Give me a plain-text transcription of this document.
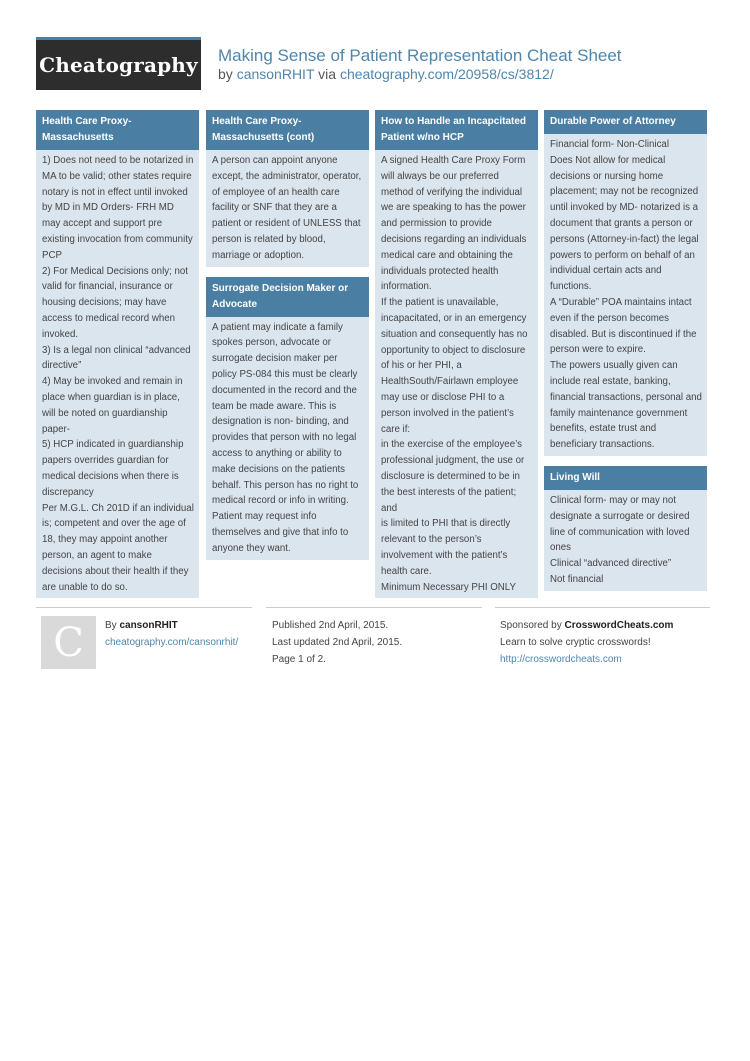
Cheatography Making Sense of Patient Representation Cheat Sheet
by cansonRHIT via cheatography.com/20958/cs/3812/
Health Care Proxy- Massachusetts
1) Does not need to be notarized in MA to be valid; other states require notary is not in effect until invoked by MD in MD Orders- FRH MD may accept and support pre existing invocation from community PCP
2) For Medical Decisions only; not valid for financial, insurance or housing decisions; may have access to medical record when invoked.
3) Is a legal non clinical “advanced directive”
4) May be invoked and remain in place when guardian is in place, will be noted on guardianship paper-
5) HCP indicated in guardianship papers overrides guardian for medical decisions when there is discrepancy
Per M.G.L. Ch 201D if an individual is; competent and over the age of 18, they may appoint another person, an agent to make decisions about their health if they are unable to do so.
Health Care Proxy- Massachusetts (cont)
A person can appoint anyone except, the administrator, operator, of employee of an health care facility or SNF that they are a patient or resident of UNLESS that person is related by blood, marriage or adoption.
Surrogate Decision Maker or Advocate
A patient may indicate a family spokes person, advocate or surrogate decision maker per policy PS-084 this must be clearly documented in the record and the team be made aware. This is designation is non- binding, and provides that person with no legal access to anything or ability to make decisions on the patients behalf. This person has no right to medical record or info in writing. Patient may request info themselves and give that info to anyone they want.
How to Handle an Incapcitated Patient w/no HCP
A signed Health Care Proxy Form will always be our preferred method of verifying the individual we are speaking to has the power and permission to provide decisions regarding an individuals medical care and obtaining the individuals protected health information.
If the patient is unavailable, incapacitated, or in an emergency situation and consequently has no opportunity to object to disclosure of his or her PHI, a HealthSouth/Fairlawn employee may use or disclose PHI to a person involved in the patient’s care if:
in the exercise of the employee’s professional judgment, the use or disclosure is determined to be in the best interests of the patient;
and
is limited to PHI that is directly relevant to the person’s involvement with the patient’s health care.
Minimum Necessary PHI ONLY
Durable Power of Attorney
Financial form- Non-Clinical
Does Not allow for medical decisions or nursing home placement; may not be recognized until invoked by MD- notarized is a document that grants a person or persons (Attorney-in-fact) the legal powers to perform on behalf of an individual certain acts and functions.
A “Durable” POA maintains intact even if the person becomes disabled. But is discontinued if the person were to expire.
The powers usually given can include real estate, banking, financial transactions, personal and family maintenance government benefits, estate trust and beneficiary transactions.
Living Will
Clinical form- may or may not designate a surrogate or desired line of communication with loved ones
Clinical “advanced directive”
Not financial
C By cansonRHIT
cheatography.com/cansonrhit/
Published 2nd April, 2015.
Last updated 2nd April, 2015.
Page 1 of 2.
Sponsored by CrosswordCheats.com
Learn to solve cryptic crosswords!
http://crosswordcheats.com
